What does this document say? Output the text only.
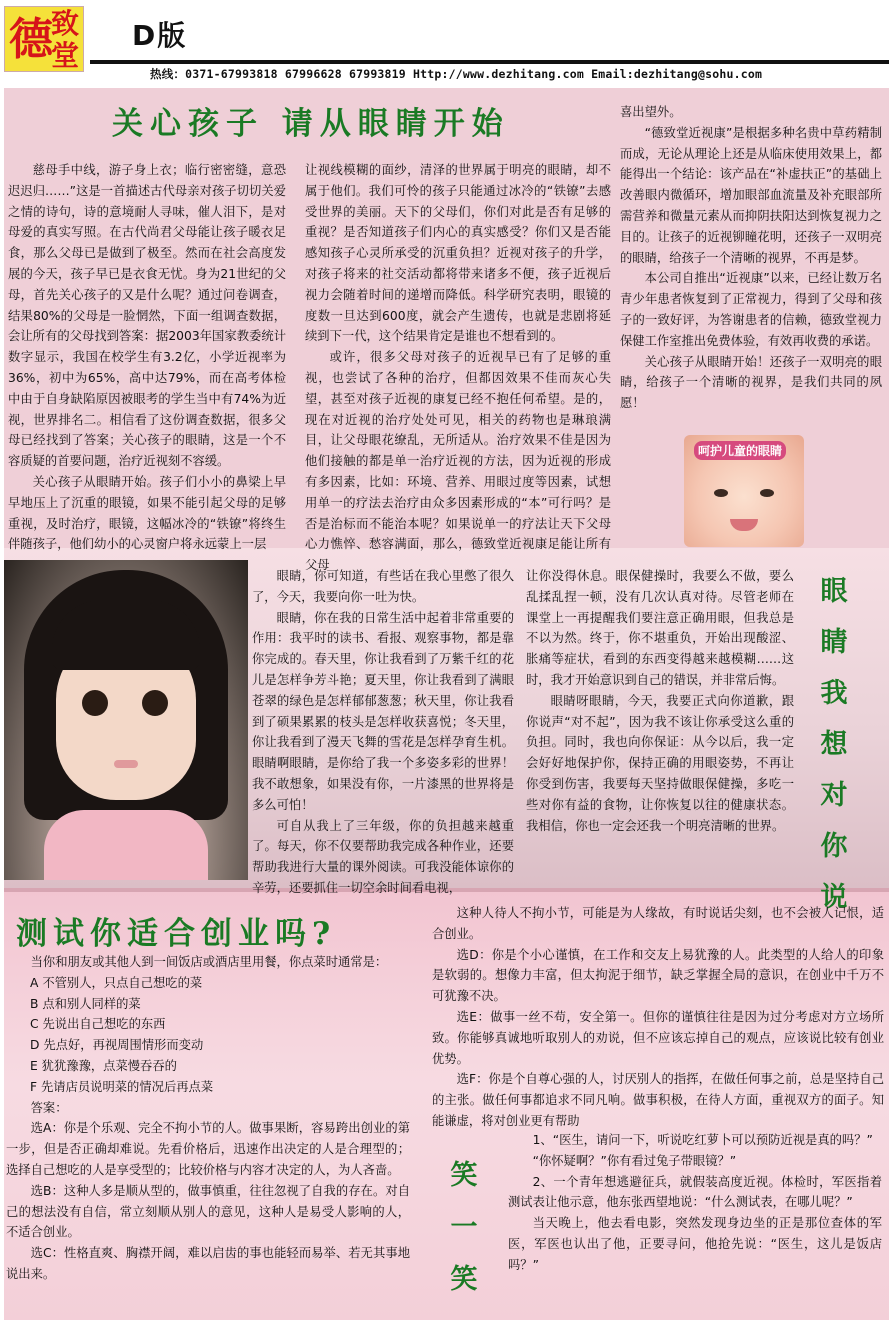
德
致
堂
D版
热线：0371-67993818 67996628 67993819 Http://www.dezhitang.com Email:dezhitang@sohu.com
关心孩子 请从眼睛开始

慈母手中线，游子身上衣；临行密密缝，意恐迟迟归……”这是一首描述古代母亲对孩子切切关爱之情的诗句，诗的意境耐人寻味，催人泪下，是对母爱的真实写照。在古代尚君父母能让孩子暖衣足食，那么父母已是做到了极至。然而在社会高度发展的今天，孩子早已是衣食无忧。身为21世纪的父母，首先关心孩子的又是什么呢？通过问卷调查，结果80%的父母是一脸惘然，下面一组调查数据，会让所有的父母找到答案：据2003年国家教委统计数字显示，我国在校学生有3.2亿，小学近视率为36%，初中为65%，高中达79%，而在高考体检中由于自身缺陷原因被眼考的学生当中有74%为近视，世界排名二。相信看了这份调查数据，很多父母已经找到了答案；关心孩子的眼睛，这是一个不容质疑的首要问题，治疗近视刻不容缓。

关心孩子从眼睛开始。孩子们小小的鼻梁上早早地压上了沉重的眼镜，如果不能引起父母的足够重视，及时治疗，眼镜，这幅冰冷的“铁镣”将终生伴随孩子，他们幼小的心灵窗户将永远蒙上一层

让视线模糊的面纱，清泽的世界属于明亮的眼睛，却不属于他们。我们可怜的孩子只能通过冰冷的“铁镣”去感受世界的美丽。天下的父母们，你们对此是否有足够的重视？是否知道孩子们内心的真实感受？你们又是否能感知孩子心灵所承受的沉重负担？近视对孩子的升学，对孩子将来的社交活动都将带来诸多不便，孩子近视后视力会随着时间的递增而降低。科学研究表明，眼镜的度数一旦达到600度，就会产生遗传，也就是悲剧将延续到下一代，这个结果肯定是谁也不想看到的。

或许，很多父母对孩子的近视早已有了足够的重视，也尝试了各种的治疗，但都因效果不佳而灰心失望，甚至对孩子近视的康复已经不抱任何希望。是的，现在对近视的治疗处处可见，相关的药物也是琳琅满目，让父母眼花缭乱，无所适从。治疗效果不佳是因为他们接触的都是单一治疗近视的方法，因为近视的形成有多因素，比如：环境、营养、用眼过度等因素，试想用单一的疗法去治疗由众多因素形成的“本”可行吗？是否是治标而不能治本呢？如果说单一的疗法让天下父母心力憔悴、愁容满面，那么，德致堂近视康足能让所有父母

喜出望外。

“德致堂近视康”是根据多种名贵中草药精制而成，无论从理论上还是从临床使用效果上，都能得出一个结论：该产品在“补虚扶正”的基础上改善眼内微循环，增加眼部血流量及补充眼部所需营养和微量元素从而抑阴扶阳达到恢复视力之目的。让孩子的近视铆瞳花明，还孩子一双明亮的眼睛，给孩子一个清晰的视界，不再是梦。

本公司自推出“近视康”以来，已经让数万名青少年患者恢复到了正常视力，得到了父母和孩子的一致好评，为答谢患者的信赖，德致堂视力保健工作室推出免费体验，有效再收费的承诺。

关心孩子从眼睛开始！还孩子一双明亮的眼睛，给孩子一个清晰的视界，是我们共同的夙愿！

呵护儿童的眼睛

眼睛，你可知道，有些话在我心里憋了很久了，今天，我要向你一吐为快。

眼睛，你在我的日常生活中起着非常重要的作用：我平时的读书、看报、观察事物，都是靠你完成的。春天里，你让我看到了万紫千红的花儿是怎样争芳斗艳；夏天里，你让我看到了满眼苍翠的绿色是怎样郁郁葱葱；秋天里，你让我看到了硕果累累的枝头是怎样收获喜悦；冬天里，你让我看到了漫天飞舞的雪花是怎样孕育生机。眼睛啊眼睛，是你给了我一个多姿多彩的世界！我不敢想象，如果没有你，一片漆黑的世界将是多么可怕！

可自从我上了三年级，你的负担越来越重了。每天，你不仅要帮助我完成各种作业，还要帮助我进行大量的课外阅读。可我没能体谅你的辛劳，还要抓住一切空余时间看电视，

让你没得休息。眼保健操时，我要么不做，要么乱揉乱捏一顿，没有几次认真对待。尽管老师在课堂上一再提醒我们要注意正确用眼，但我总是不以为然。终于，你不堪重负，开始出现酸涩、胀痛等症状，看到的东西变得越来越模糊……这时，我才开始意识到自己的错误，并非常后悔。

眼睛呀眼睛，今天，我要正式向你道歉，跟你说声“对不起”，因为我不该让你承受这么重的负担。同时，我也向你保证：从今以后，我一定会好好地保护你，保持正确的用眼姿势，不再让你受到伤害，我要每天坚持做眼保健操，多吃一些对你有益的食物，让你恢复以往的健康状态。我相信，你也一定会还我一个明亮清晰的世界。

眼
睛
我
想
对
你
说
测试你适合创业吗?

当你和朋友或其他人到一间饭店或酒店里用餐，你点菜时通常是：

A 不管别人，只点自己想吃的菜

B 点和别人同样的菜

C 先说出自己想吃的东西

D 先点好，再视周围情形而变动

E 犹犹豫豫，点菜慢吞吞的

F 先请店员说明菜的情况后再点菜

答案：

选A：你是个乐观、完全不拘小节的人。做事果断，容易跨出创业的第一步，但是否正确却难说。先看价格后，迅速作出决定的人是合理型的；选择自己想吃的人是享受型的；比较价格与内容才决定的人，为人吝啬。

选B：这种人多是顺从型的，做事慎重，往往忽视了自我的存在。对自己的想法没有自信，常立刻顺从别人的意见，这种人是易受人影响的人，不适合创业。

选C：性格直爽、胸襟开阔，难以启齿的事也能轻而易举、若无其事地说出来。

这种人待人不拘小节，可能是为人缘故，有时说话尖刻，也不会被人记恨，适合创业。

选D：你是个小心谨慎，在工作和交友上易犹豫的人。此类型的人给人的印象是软弱的。想像力丰富，但太拘泥于细节，缺乏掌握全局的意识，在创业中千万不可犹豫不决。

选E：做事一丝不苟，安全第一。但你的谨慎往往是因为过分考虑对方立场所致。你能够真诚地听取别人的劝说，但不应该忘掉自己的观点，应该说比较有创业优势。

选F：你是个自尊心强的人，讨厌别人的指挥，在做任何事之前，总是坚持自己的主张。做任何事都追求不同凡响。做事积极，在待人方面，重视双方的面子。知能谦虚，将对创业更有帮助

笑
一
笑

1、“医生，请问一下，听说吃红萝卜可以预防近视是真的吗？”

“你怀疑啊？”你有看过兔子带眼镜？”

2、一个青年想逃避征兵，就假装高度近视。体检时，军医指着测试表让他示意，他东张西望地说：“什么测试表，在哪儿呢？”

当天晚上，他去看电影，突然发现身边坐的正是那位查体的军医，军医也认出了他，正要寻问，他抢先说：“医生，这儿是饭店吗？”
